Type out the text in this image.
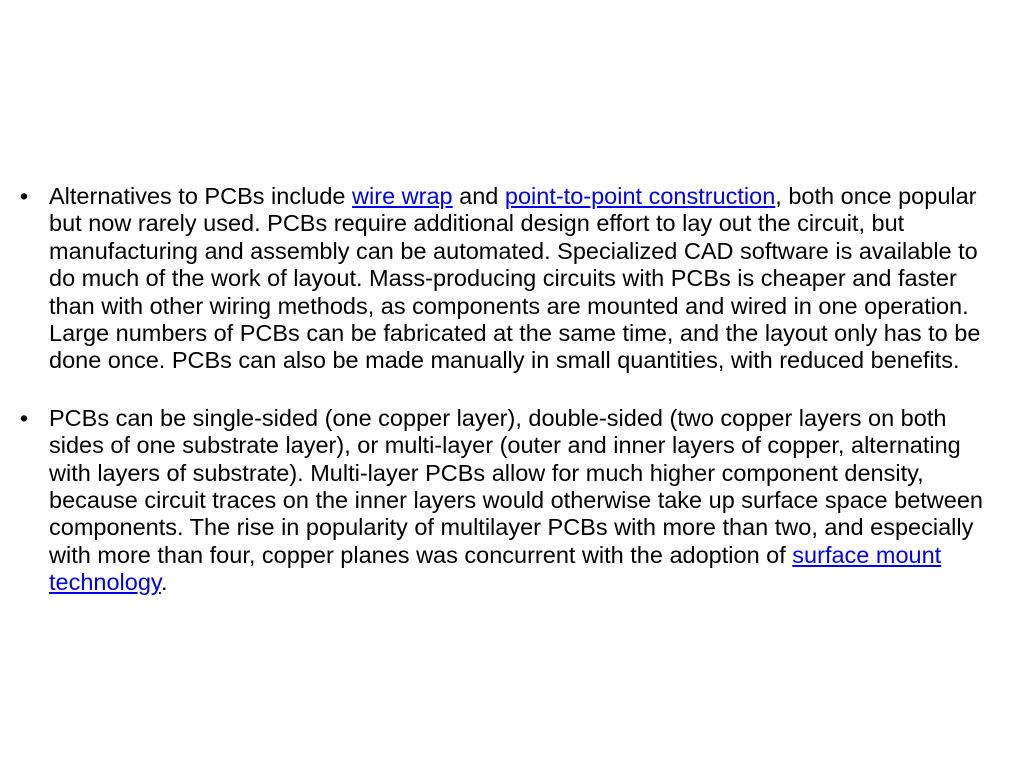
• Alternatives to PCBs include wire wrap and point-to-point construction, both once popular but now rarely used. PCBs require additional design effort to lay out the circuit, but manufacturing and assembly can be automated. Specialized CAD software is available to do much of the work of layout. Mass-producing circuits with PCBs is cheaper and faster than with other wiring methods, as components are mounted and wired in one operation. Large numbers of PCBs can be fabricated at the same time, and the layout only has to be done once. PCBs can also be made manually in small quantities, with reduced benefits.
• PCBs can be single-sided (one copper layer), double-sided (two copper layers on both sides of one substrate layer), or multi-layer (outer and inner layers of copper, alternating with layers of substrate). Multi-layer PCBs allow for much higher component density, because circuit traces on the inner layers would otherwise take up surface space between components. The rise in popularity of multilayer PCBs with more than two, and especially with more than four, copper planes was concurrent with the adoption of surface mount technology.
